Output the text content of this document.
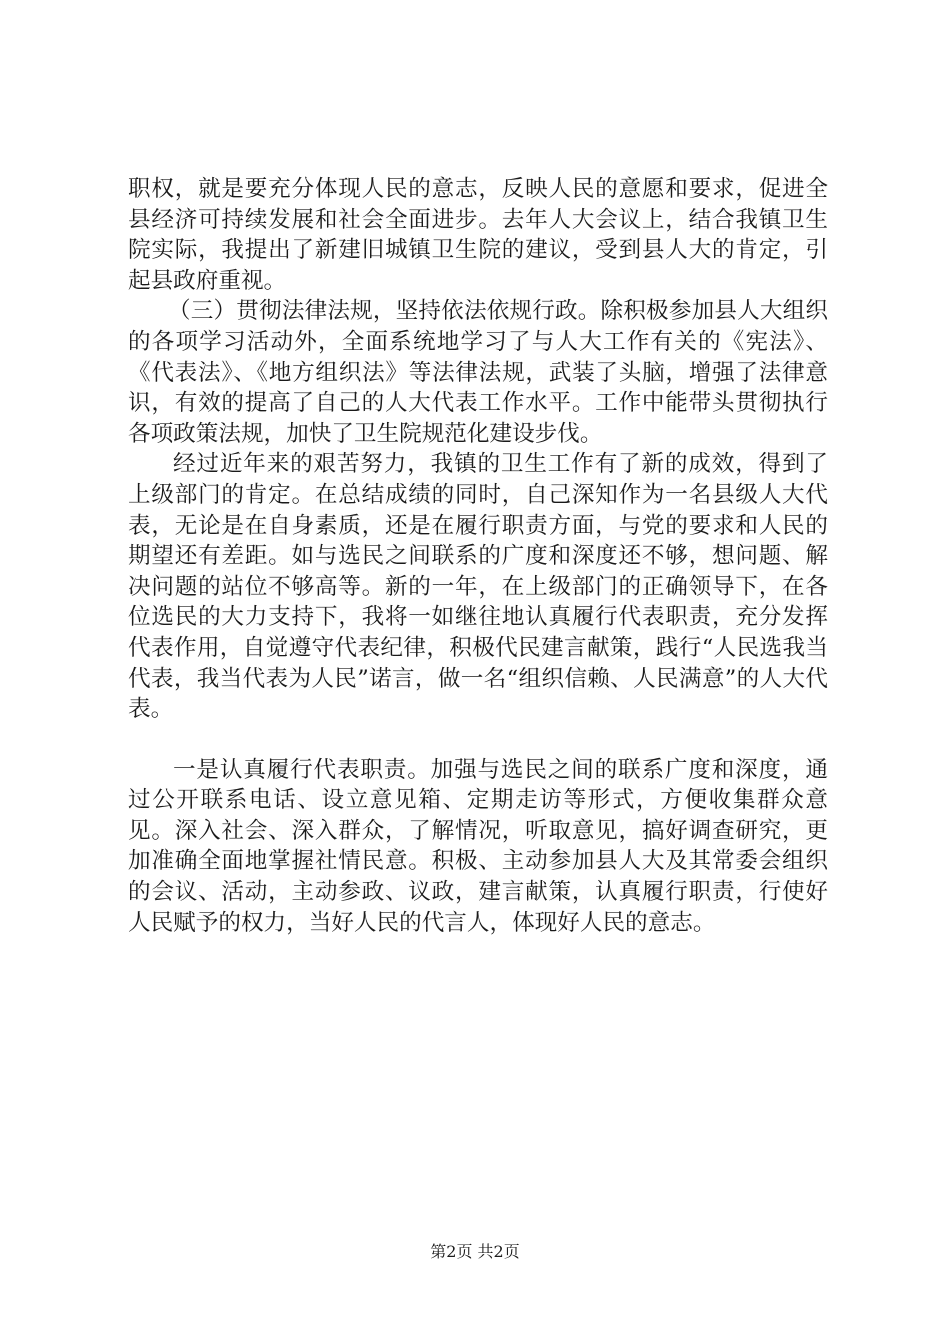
职权，就是要充分体现人民的意志，反映人民的意愿和要求，促进全县经济可持续发展和社会全面进步。去年人大会议上，结合我镇卫生院实际，我提出了新建旧城镇卫生院的建议，受到县人大的肯定，引起县政府重视。

（三）贯彻法律法规，坚持依法依规行政。除积极参加县人大组织的各项学习活动外，全面系统地学习了与人大工作有关的《宪法》、《代表法》、《地方组织法》等法律法规，武装了头脑，增强了法律意识，有效的提高了自己的人大代表工作水平。工作中能带头贯彻执行各项政策法规，加快了卫生院规范化建设步伐。

经过近年来的艰苦努力，我镇的卫生工作有了新的成效，得到了上级部门的肯定。在总结成绩的同时，自己深知作为一名县级人大代表，无论是在自身素质，还是在履行职责方面，与党的要求和人民的期望还有差距。如与选民之间联系的广度和深度还不够，想问题、解决问题的站位不够高等。新的一年，在上级部门的正确领导下，在各位选民的大力支持下，我将一如继往地认真履行代表职责，充分发挥代表作用，自觉遵守代表纪律，积极代民建言献策，践行“人民选我当代表，我当代表为人民”诺言，做一名“组织信赖、人民满意”的人大代表。

一是认真履行代表职责。加强与选民之间的联系广度和深度，通过公开联系电话、设立意见箱、定期走访等形式，方便收集群众意见。深入社会、深入群众，了解情况，听取意见，搞好调查研究，更加准确全面地掌握社情民意。积极、主动参加县人大及其常委会组织的会议、活动，主动参政、议政，建言献策，认真履行职责，行使好人民赋予的权力，当好人民的代言人，体现好人民的意志。

第2页 共2页
